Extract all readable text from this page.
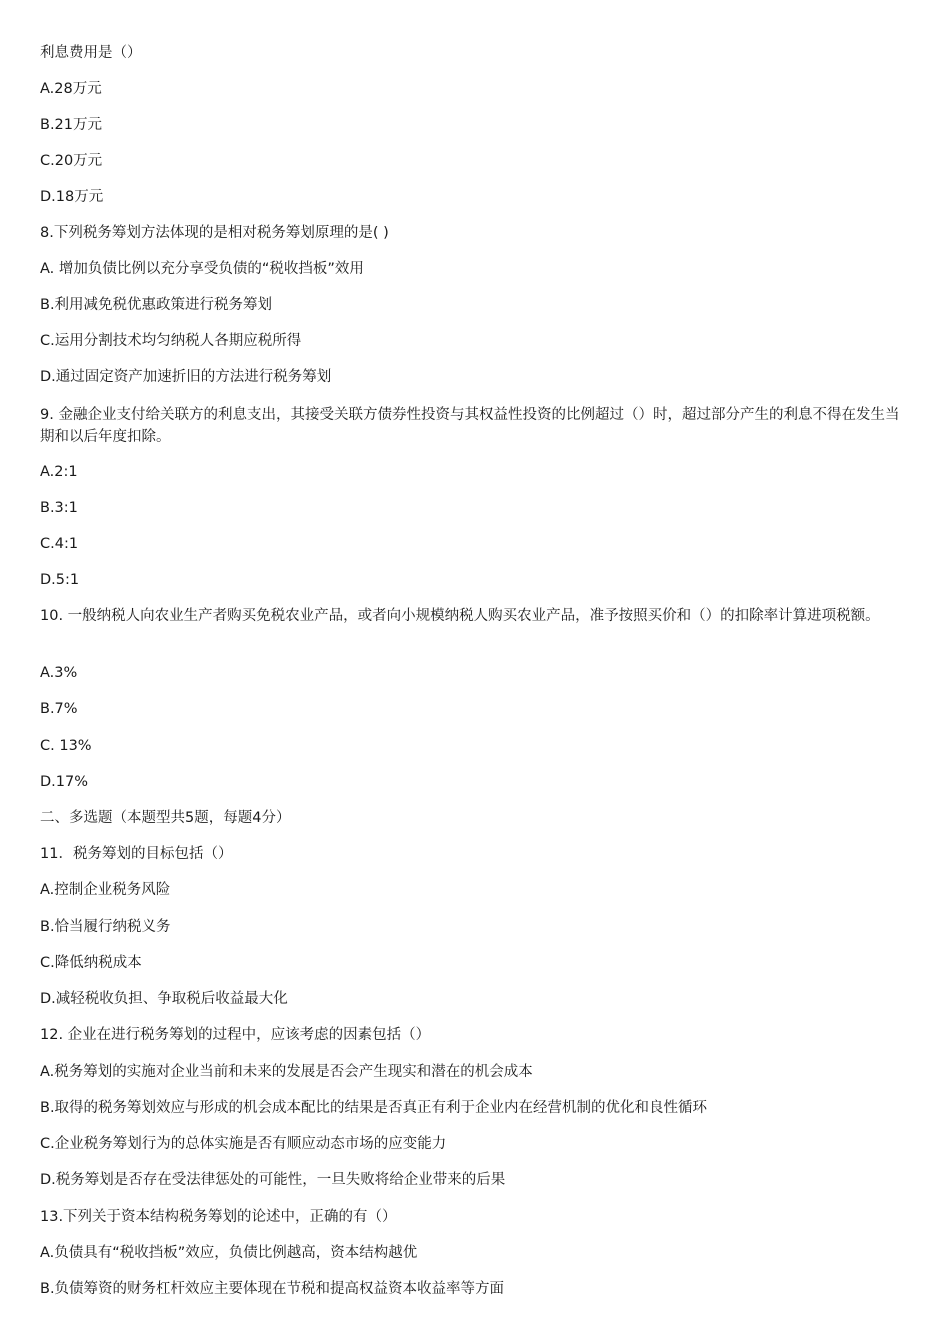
利息费用是（）
A.28万元
B.21万元
C.20万元
D.18万元
8.下列税务筹划方法体现的是相对税务筹划原理的是( )
A. 增加负债比例以充分享受负债的“税收挡板”效用
B.利用减免税优惠政策进行税务筹划
C.运用分割技术均匀纳税人各期应税所得
D.通过固定资产加速折旧的方法进行税务筹划
9. 金融企业支付给关联方的利息支出，其接受关联方债券性投资与其权益性投资的比例超过（）时，超过部分产生的利息不得在发生当期和以后年度扣除。
A.2:1
B.3:1
C.4:1
D.5:1
10. 一般纳税人向农业生产者购买免税农业产品，或者向小规模纳税人购买农业产品，准予按照买价和（）的扣除率计算进项税额。
A.3%
B.7%
C. 13%
D.17%
二、多选题（本题型共5题，每题4分）
11．税务筹划的目标包括（）
A.控制企业税务风险
B.恰当履行纳税义务
C.降低纳税成本
D.减轻税收负担、争取税后收益最大化
12. 企业在进行税务筹划的过程中，应该考虑的因素包括（）
A.税务筹划的实施对企业当前和未来的发展是否会产生现实和潜在的机会成本
B.取得的税务筹划效应与形成的机会成本配比的结果是否真正有利于企业内在经营机制的优化和良性循环
C.企业税务筹划行为的总体实施是否有顺应动态市场的应变能力
D.税务筹划是否存在受法律惩处的可能性，一旦失败将给企业带来的后果
13.下列关于资本结构税务筹划的论述中，正确的有（）
A.负债具有“税收挡板”效应，负债比例越高，资本结构越优
B.负债筹资的财务杠杆效应主要体现在节税和提高权益资本收益率等方面
